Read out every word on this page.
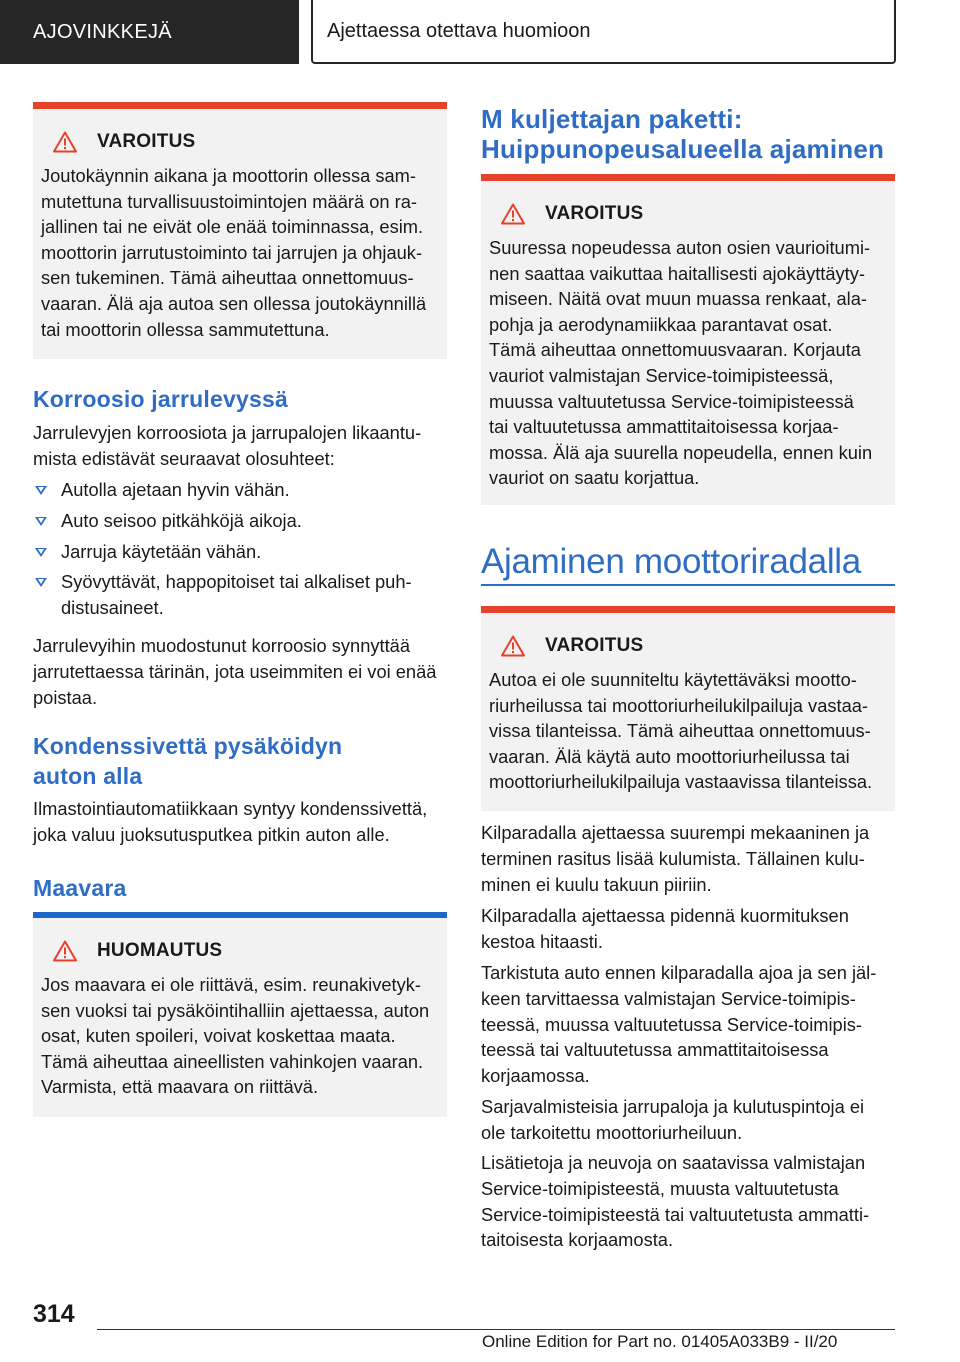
AJOVINKKEJÄ	Ajettaessa otettava huomioon
VAROITUS
Joutokäynnin aikana ja moottorin ollessa sam-
mutettuna turvallisuustoimintojen määrä on ra-
jallinen tai ne eivät ole enää toiminnassa, esim.
moottorin jarrutustoiminto tai jarrujen ja ohjauk-
sen tukeminen. Tämä aiheuttaa onnettomuus-
vaaran. Älä aja autoa sen ollessa joutokäynnillä
tai moottorin ollessa sammutettuna.
Korroosio jarrulevyssä
Jarrulevyjen korroosiota ja jarrupalojen likaantu-
mista edistävät seuraavat olosuhteet:
Autolla ajetaan hyvin vähän.
Auto seisoo pitkähköjä aikoja.
Jarruja käytetään vähän.
Syövyttävät, happopitoiset tai alkaliset puh-
distusaineet.
Jarrulevyihin muodostunut korroosio synnyttää
jarrutettaessa tärinän, jota useimmiten ei voi enää
poistaa.
Kondenssivettä pysäköidyn
auton alla
Ilmastointiautomatiikkaan syntyy kondenssivettä,
joka valuu juoksutusputkea pitkin auton alle.
Maavara
HUOMAUTUS
Jos maavara ei ole riittävä, esim. reunakivetyk-
sen vuoksi tai pysäköintihalliin ajettaessa, auton
osat, kuten spoileri, voivat koskettaa maata.
Tämä aiheuttaa aineellisten vahinkojen vaaran.
Varmista, että maavara on riittävä.
M kuljettajan paketti:
Huippunopeusalueella ajaminen
VAROITUS
Suuressa nopeudessa auton osien vaurioitumi-
nen saattaa vaikuttaa haitallisesti ajokäyttäyty-
miseen. Näitä ovat muun muassa renkaat, ala-
pohja ja aerodynamiikkaa parantavat osat.
Tämä aiheuttaa onnettomuusvaaran. Korjauta
vauriot valmistajan Service-toimipisteessä,
muussa valtuutetussa Service-toimipisteessä
tai valtuutetussa ammattitaitoisessa korjaa-
mossa. Älä aja suurella nopeudella, ennen kuin
vauriot on saatu korjattua.
Ajaminen moottoriradalla
VAROITUS
Autoa ei ole suunniteltu käytettäväksi mootto-
riurheilussa tai moottoriurheilukilpailuja vastaa-
vissa tilanteissa. Tämä aiheuttaa onnettomuus-
vaaran. Älä käytä auto moottoriurheilussa tai
moottoriurheilukilpailuja vastaavissa tilanteissa.
Kilparadalla ajettaessa suurempi mekaaninen ja
terminen rasitus lisää kulumista. Tällainen kulu-
minen ei kuulu takuun piiriin.
Kilparadalla ajettaessa pidennä kuormituksen
kestoa hitaasti.
Tarkistuta auto ennen kilparadalla ajoa ja sen jäl-
keen tarvittaessa valmistajan Service-toimipis-
teessä, muussa valtuutetussa Service-toimipis-
teessä tai valtuutetussa ammattitaitoisessa
korjaamossa.
Sarjavalmisteisia jarrupaloja ja kulutuspintoja ei
ole tarkoitettu moottoriurheiluun.
Lisätietoja ja neuvoja on saatavissa valmistajan
Service-toimipisteestä, muusta valtuutetusta
Service-toimipisteestä tai valtuutetusta ammatti-
taitoisesta korjaamosta.
314
Online Edition for Part no. 01405A033B9 - II/20
